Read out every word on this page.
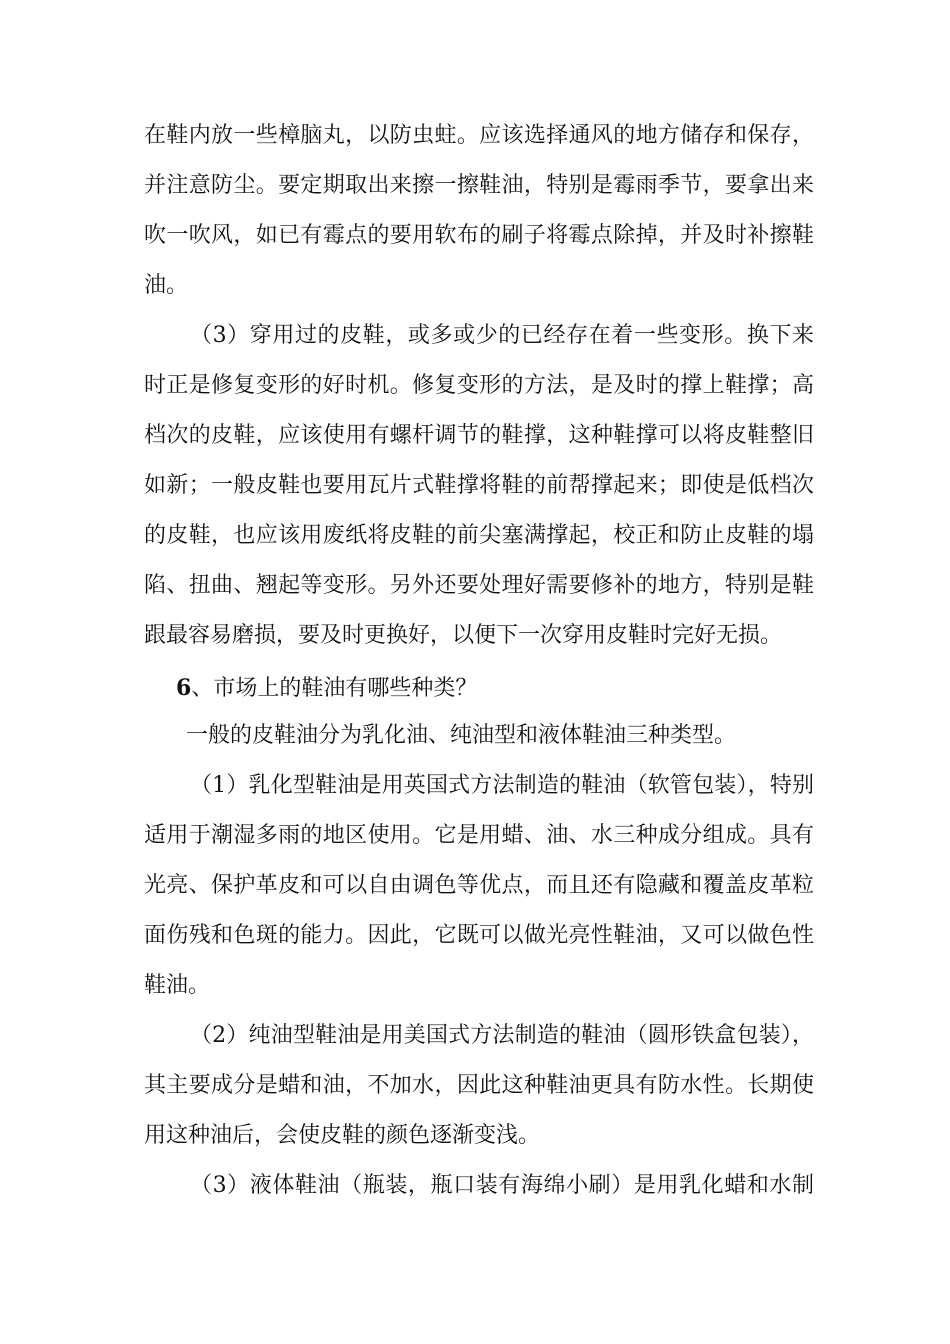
在鞋内放一些樟脑丸，以防虫蛀。应该选择通风的地方储存和保存，
并注意防尘。要定期取出来擦一擦鞋油，特别是霉雨季节，要拿出来
吹一吹风，如已有霉点的要用软布的刷子将霉点除掉，并及时补擦鞋
油。
（3）穿用过的皮鞋，或多或少的已经存在着一些变形。换下来
时正是修复变形的好时机。修复变形的方法，是及时的撑上鞋撑；高
档次的皮鞋，应该使用有螺杆调节的鞋撑，这种鞋撑可以将皮鞋整旧
如新；一般皮鞋也要用瓦片式鞋撑将鞋的前帮撑起来；即使是低档次
的皮鞋，也应该用废纸将皮鞋的前尖塞满撑起，校正和防止皮鞋的塌
陷、扭曲、翘起等变形。另外还要处理好需要修补的地方，特别是鞋
跟最容易磨损，要及时更换好，以便下一次穿用皮鞋时完好无损。
6、市场上的鞋油有哪些种类？
一般的皮鞋油分为乳化油、纯油型和液体鞋油三种类型。
（1）乳化型鞋油是用英国式方法制造的鞋油（软管包装），特别
适用于潮湿多雨的地区使用。它是用蜡、油、水三种成分组成。具有
光亮、保护革皮和可以自由调色等优点，而且还有隐藏和覆盖皮革粒
面伤残和色斑的能力。因此，它既可以做光亮性鞋油，又可以做色性
鞋油。
（2）纯油型鞋油是用美国式方法制造的鞋油（圆形铁盒包装），
其主要成分是蜡和油，不加水，因此这种鞋油更具有防水性。长期使
用这种油后，会使皮鞋的颜色逐渐变浅。
（3）液体鞋油（瓶装，瓶口装有海绵小刷）是用乳化蜡和水制
